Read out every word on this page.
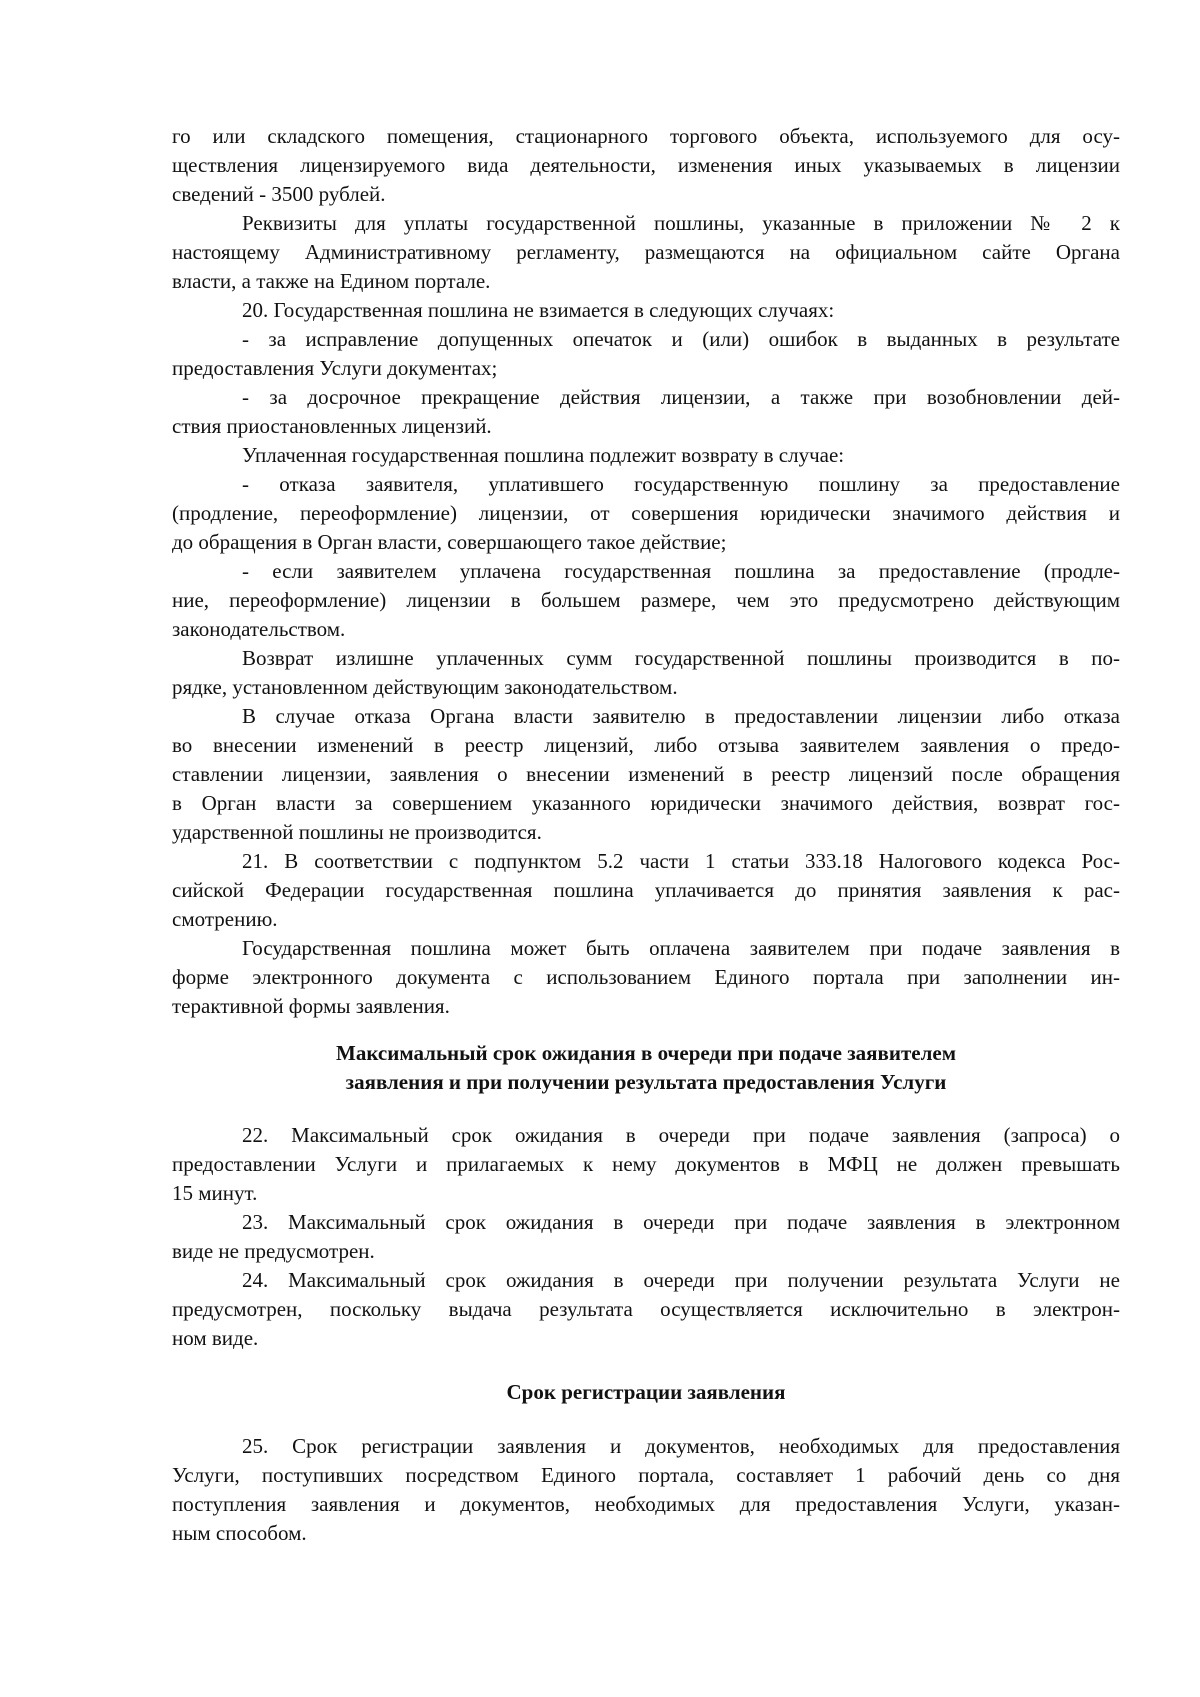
го или складского помещения, стационарного торгового объекта, используемого для осу-
ществления лицензируемого вида деятельности, изменения иных указываемых в лицензии
сведений - 3500 рублей.

Реквизиты для уплаты государственной пошлины, указанные в приложении № 2 к
настоящему Административному регламенту, размещаются на официальном сайте Органа
власти, а также на Едином портале.

20. Государственная пошлина не взимается в следующих случаях:

- за исправление допущенных опечаток и (или) ошибок в выданных в результате
предоставления Услуги документах;

- за досрочное прекращение действия лицензии, а также при возобновлении дей-
ствия приостановленных лицензий.

Уплаченная государственная пошлина подлежит возврату в случае:

- отказа заявителя, уплатившего государственную пошлину за предоставление
(продление, переоформление) лицензии, от совершения юридически значимого действия и
до обращения в Орган власти, совершающего такое действие;

- если заявителем уплачена государственная пошлина за предоставление (продле-
ние, переоформление) лицензии в большем размере, чем это предусмотрено действующим
законодательством.

Возврат излишне уплаченных сумм государственной пошлины производится в по-
рядке, установленном действующим законодательством.

В случае отказа Органа власти заявителю в предоставлении лицензии либо отказа
во внесении изменений в реестр лицензий, либо отзыва заявителем заявления о предо-
ставлении лицензии, заявления о внесении изменений в реестр лицензий после обращения
в Орган власти за совершением указанного юридически значимого действия, возврат гос-
ударственной пошлины не производится.

21. В соответствии с подпунктом 5.2 части 1 статьи 333.18 Налогового кодекса Рос-
сийской Федерации государственная пошлина уплачивается до принятия заявления к рас-
смотрению.

Государственная пошлина может быть оплачена заявителем при подаче заявления в
форме электронного документа с использованием Единого портала при заполнении ин-
терактивной формы заявления.

Максимальный срок ожидания в очереди при подаче заявителем
заявления и при получении результата предоставления Услуги

22. Максимальный срок ожидания в очереди при подаче заявления (запроса) о
предоставлении Услуги и прилагаемых к нему документов в МФЦ не должен превышать
15 минут.

23. Максимальный срок ожидания в очереди при подаче заявления в электронном
виде не предусмотрен.

24. Максимальный срок ожидания в очереди при получении результата Услуги не
предусмотрен, поскольку выдача результата осуществляется исключительно в электрон-
ном виде.

Срок регистрации заявления

25. Срок регистрации заявления и документов, необходимых для предоставления
Услуги, поступивших посредством Единого портала, составляет 1 рабочий день со дня
поступления заявления и документов, необходимых для предоставления Услуги, указан-
ным способом.
